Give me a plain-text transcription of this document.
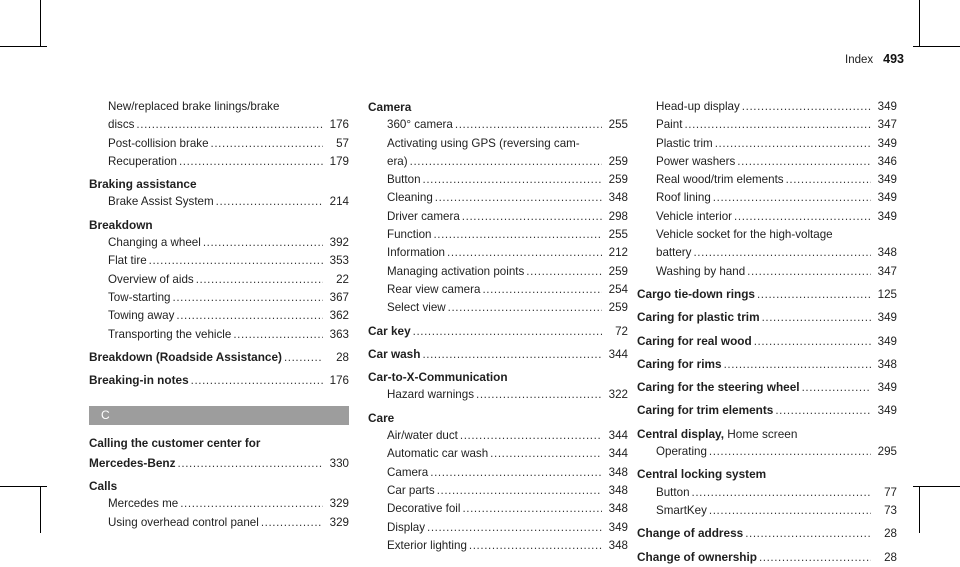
Index 493
New/replaced brake linings/brake
discs .....	176
Post-collision brake .....	57
Recuperation .....	179
Braking assistance
Brake Assist System .....	214
Breakdown
Changing a wheel .....	392
Flat tire .....	353
Overview of aids .....	22
Tow-starting .....	367
Towing away .....	362
Transporting the vehicle .....	363
Breakdown (Roadside Assistance) .....	28
Breaking-in notes .....	176
C
Calling the customer center for
Mercedes-Benz .....	330
Calls
Mercedes me .....	329
Using overhead control panel .....	329
Camera
360° camera .....	255
Activating using GPS (reversing cam-
era) .....	259
Button .....	259
Cleaning .....	348
Driver camera .....	298
Function .....	255
Information .....	212
Managing activation points .....	259
Rear view camera .....	254
Select view .....	259
Car key .....	72
Car wash .....	344
Car-to-X-Communication
Hazard warnings .....	322
Care
Air/water duct .....	344
Automatic car wash .....	344
Camera .....	348
Car parts .....	348
Decorative foil .....	348
Display .....	349
Exterior lighting .....	348
Head-up display .....	349
Paint .....	347
Plastic trim .....	349
Power washers .....	346
Real wood/trim elements .....	349
Roof lining .....	349
Vehicle interior .....	349
Vehicle socket for the high-voltage
battery .....	348
Washing by hand .....	347
Cargo tie-down rings .....	125
Caring for plastic trim .....	349
Caring for real wood .....	349
Caring for rims .....	348
Caring for the steering wheel .....	349
Caring for trim elements .....	349
Central display, Home screen
Operating .....	295
Central locking system
Button .....	77
SmartKey .....	73
Change of address .....	28
Change of ownership .....	28
